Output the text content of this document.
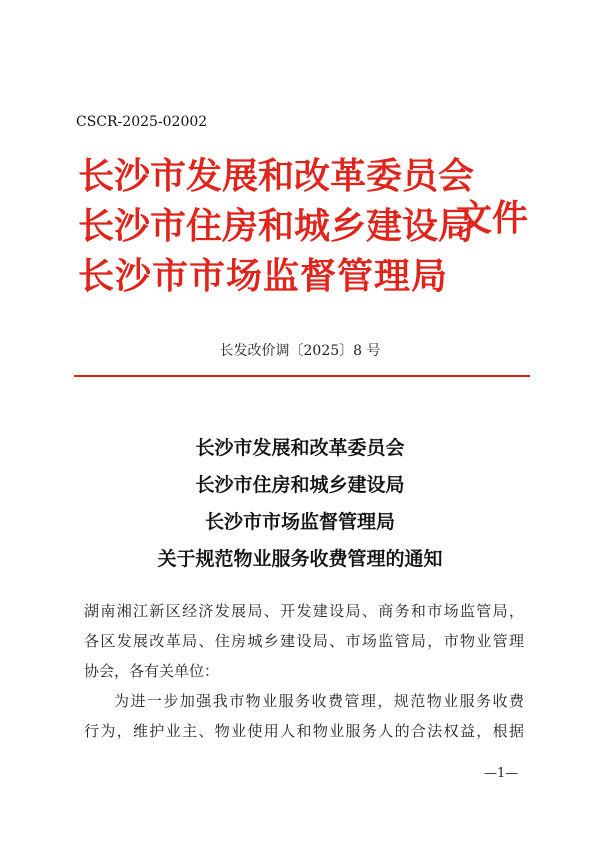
CSCR-2025-02002
长沙市发展和改革委员会
长沙市住房和城乡建设局
长沙市市场监督管理局
文件
长发改价调〔2025〕8 号
长沙市发展和改革委员会
长沙市住房和城乡建设局
长沙市市场监督管理局
关于规范物业服务收费管理的通知

湖南湘江新区经济发展局、开发建设局、商务和市场监管局，

各区发展改革局、住房城乡建设局、市场监管局，市物业管理

协会，各有关单位：

为进一步加强我市物业服务收费管理，规范物业服务收费

行为，维护业主、物业使用人和物业服务人的合法权益，根据

—1—
